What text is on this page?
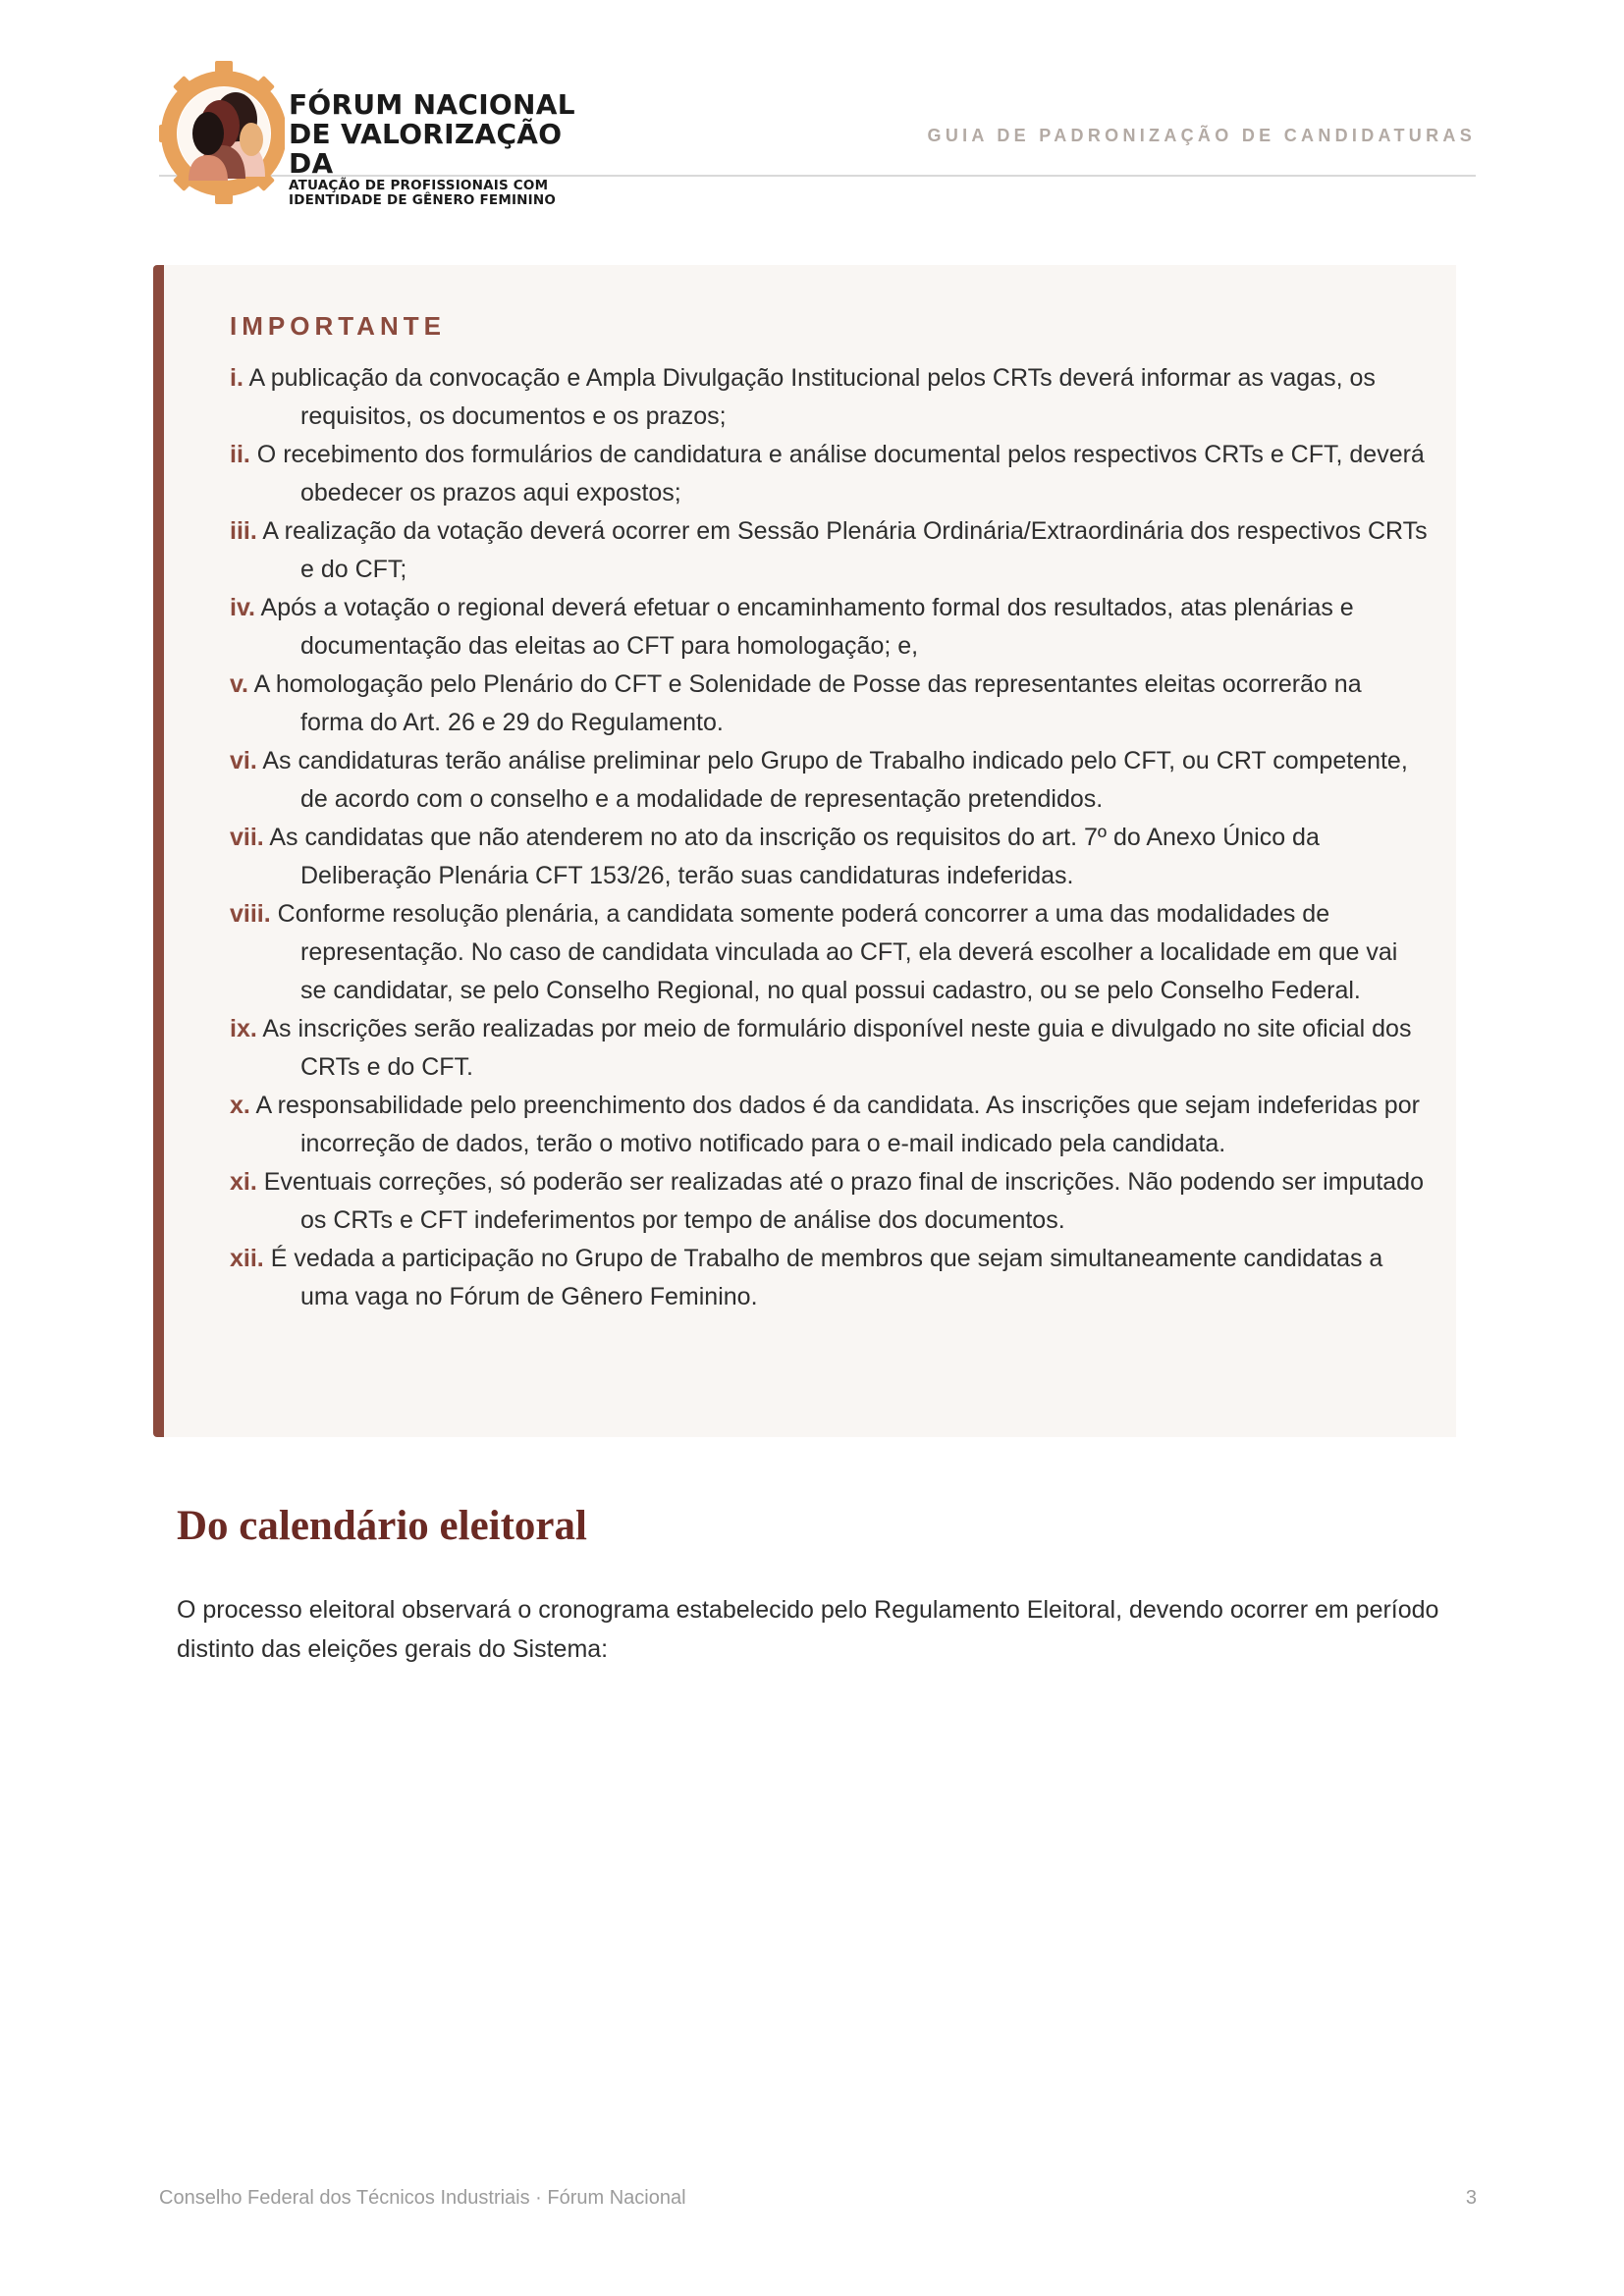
FÓRUM NACIONAL
DE VALORIZAÇÃO DA
ATUAÇÃO DE PROFISSIONAIS COM
IDENTIDADE DE GÊNERO FEMININO
GUIA DE PADRONIZAÇÃO DE CANDIDATURAS
IMPORTANTE
i. A publicação da convocação e Ampla Divulgação Institucional pelos CRTs deverá informar as vagas, os requisitos, os documentos e os prazos;
ii. O recebimento dos formulários de candidatura e análise documental pelos respectivos CRTs e CFT, deverá obedecer os prazos aqui expostos;
iii. A realização da votação deverá ocorrer em Sessão Plenária Ordinária/Extraordinária dos respectivos CRTs e do CFT;
iv. Após a votação o regional deverá efetuar o encaminhamento formal dos resultados, atas plenárias e documentação das eleitas ao CFT para homologação; e,
v. A homologação pelo Plenário do CFT e Solenidade de Posse das representantes eleitas ocorrerão na forma do Art. 26 e 29 do Regulamento.
vi. As candidaturas terão análise preliminar pelo Grupo de Trabalho indicado pelo CFT, ou CRT competente, de acordo com o conselho e a modalidade de representação pretendidos.
vii. As candidatas que não atenderem no ato da inscrição os requisitos do art. 7º do Anexo Único da Deliberação Plenária CFT 153/26, terão suas candidaturas indeferidas.
viii. Conforme resolução plenária, a candidata somente poderá concorrer a uma das modalidades de representação. No caso de candidata vinculada ao CFT, ela deverá escolher a localidade em que vai se candidatar, se pelo Conselho Regional, no qual possui cadastro, ou se pelo Conselho Federal.
ix. As inscrições serão realizadas por meio de formulário disponível neste guia e divulgado no site oficial dos CRTs e do CFT.
x. A responsabilidade pelo preenchimento dos dados é da candidata. As inscrições que sejam indeferidas por incorreção de dados, terão o motivo notificado para o e-mail indicado pela candidata.
xi. Eventuais correções, só poderão ser realizadas até o prazo final de inscrições. Não podendo ser imputado os CRTs e CFT indeferimentos por tempo de análise dos documentos.
xii. É vedada a participação no Grupo de Trabalho de membros que sejam simultaneamente candidatas a uma vaga no Fórum de Gênero Feminino.
Do calendário eleitoral

O processo eleitoral observará o cronograma estabelecido pelo Regulamento Eleitoral, devendo ocorrer em período distinto das eleições gerais do Sistema:

Conselho Federal dos Técnicos Industriais · Fórum Nacional	3
